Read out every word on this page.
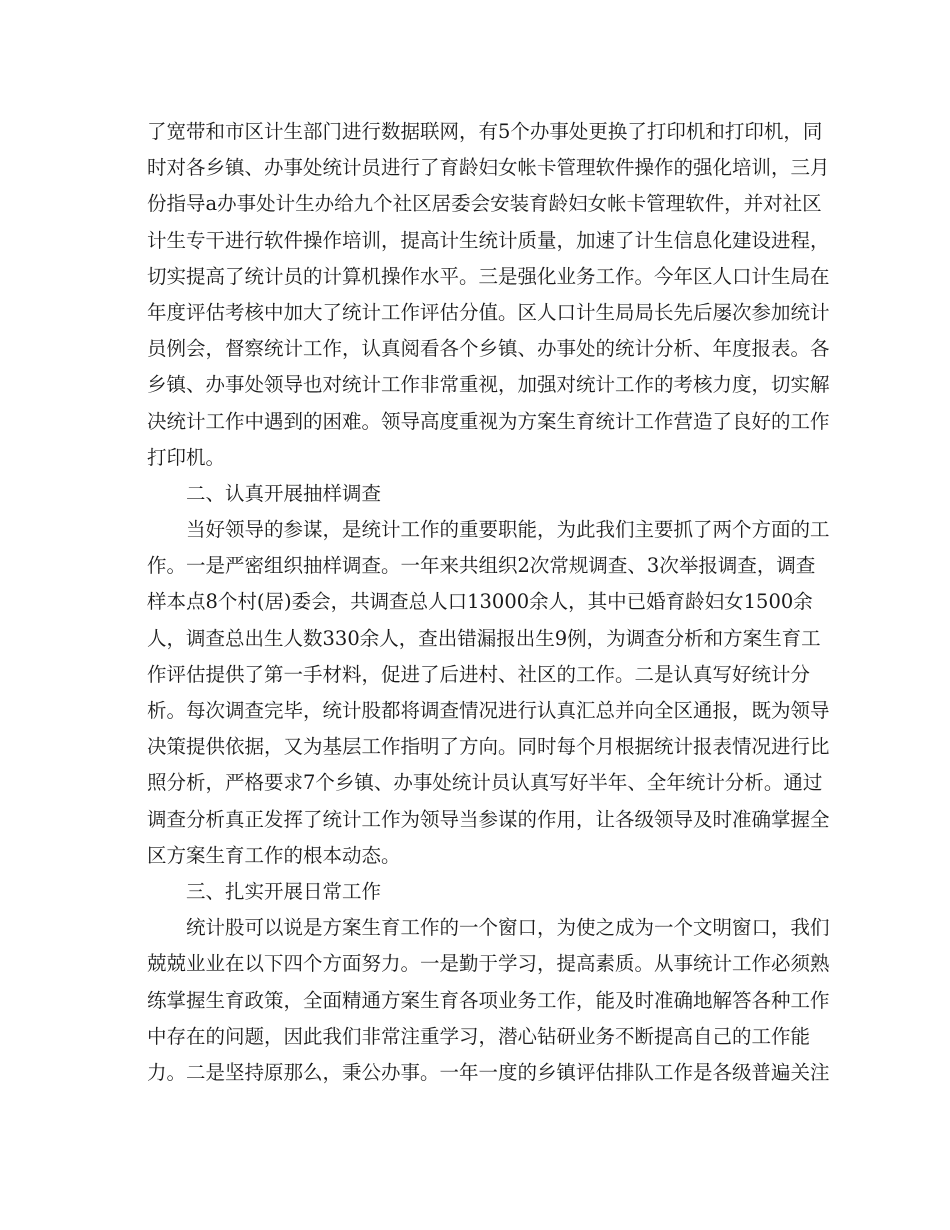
了宽带和市区计生部门进行数据联网，有5个办事处更换了打印机和打印机，同
时对各乡镇、办事处统计员进行了育龄妇女帐卡管理软件操作的强化培训，三月
份指导a办事处计生办给九个社区居委会安装育龄妇女帐卡管理软件，并对社区
计生专干进行软件操作培训，提高计生统计质量，加速了计生信息化建设进程，
切实提高了统计员的计算机操作水平。三是强化业务工作。今年区人口计生局在
年度评估考核中加大了统计工作评估分值。区人口计生局局长先后屡次参加统计
员例会，督察统计工作，认真阅看各个乡镇、办事处的统计分析、年度报表。各
乡镇、办事处领导也对统计工作非常重视，加强对统计工作的考核力度，切实解
决统计工作中遇到的困难。领导高度重视为方案生育统计工作营造了良好的工作
打印机。
二、认真开展抽样调查
当好领导的参谋，是统计工作的重要职能，为此我们主要抓了两个方面的工
作。一是严密组织抽样调查。一年来共组织2次常规调查、3次举报调查，调查
样本点8个村(居)委会，共调查总人口13000余人，其中已婚育龄妇女1500余
人，调查总出生人数330余人，查出错漏报出生9例，为调查分析和方案生育工
作评估提供了第一手材料，促进了后进村、社区的工作。二是认真写好统计分
析。每次调查完毕，统计股都将调查情况进行认真汇总并向全区通报，既为领导
决策提供依据，又为基层工作指明了方向。同时每个月根据统计报表情况进行比
照分析，严格要求7个乡镇、办事处统计员认真写好半年、全年统计分析。通过
调查分析真正发挥了统计工作为领导当参谋的作用，让各级领导及时准确掌握全
区方案生育工作的根本动态。
三、扎实开展日常工作
统计股可以说是方案生育工作的一个窗口，为使之成为一个文明窗口，我们
兢兢业业在以下四个方面努力。一是勤于学习，提高素质。从事统计工作必须熟
练掌握生育政策，全面精通方案生育各项业务工作，能及时准确地解答各种工作
中存在的问题，因此我们非常注重学习，潜心钻研业务不断提高自己的工作能
力。二是坚持原那么，秉公办事。一年一度的乡镇评估排队工作是各级普遍关注
